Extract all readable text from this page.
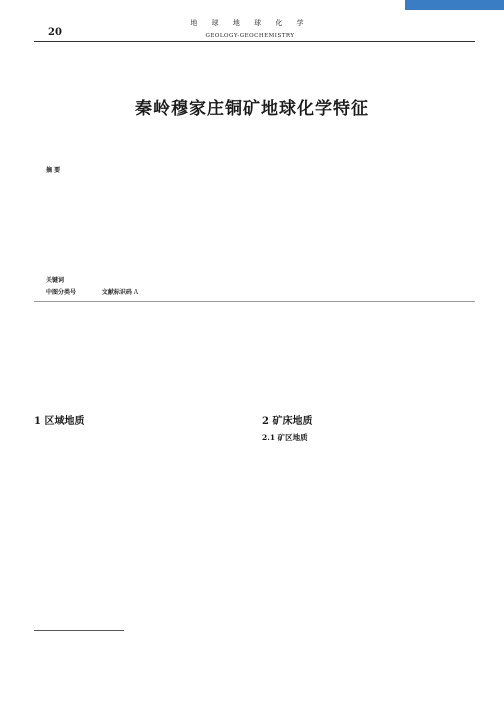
20
地 球 地 球 化 学
GEOLOGY-GEOCHEMISTRY
秦岭穆家庄铜矿地球化学特征
摘 要
关键词
中图分类号	文献标识码 A
1 区域地质	2 矿床地质
2.1 矿区地质
